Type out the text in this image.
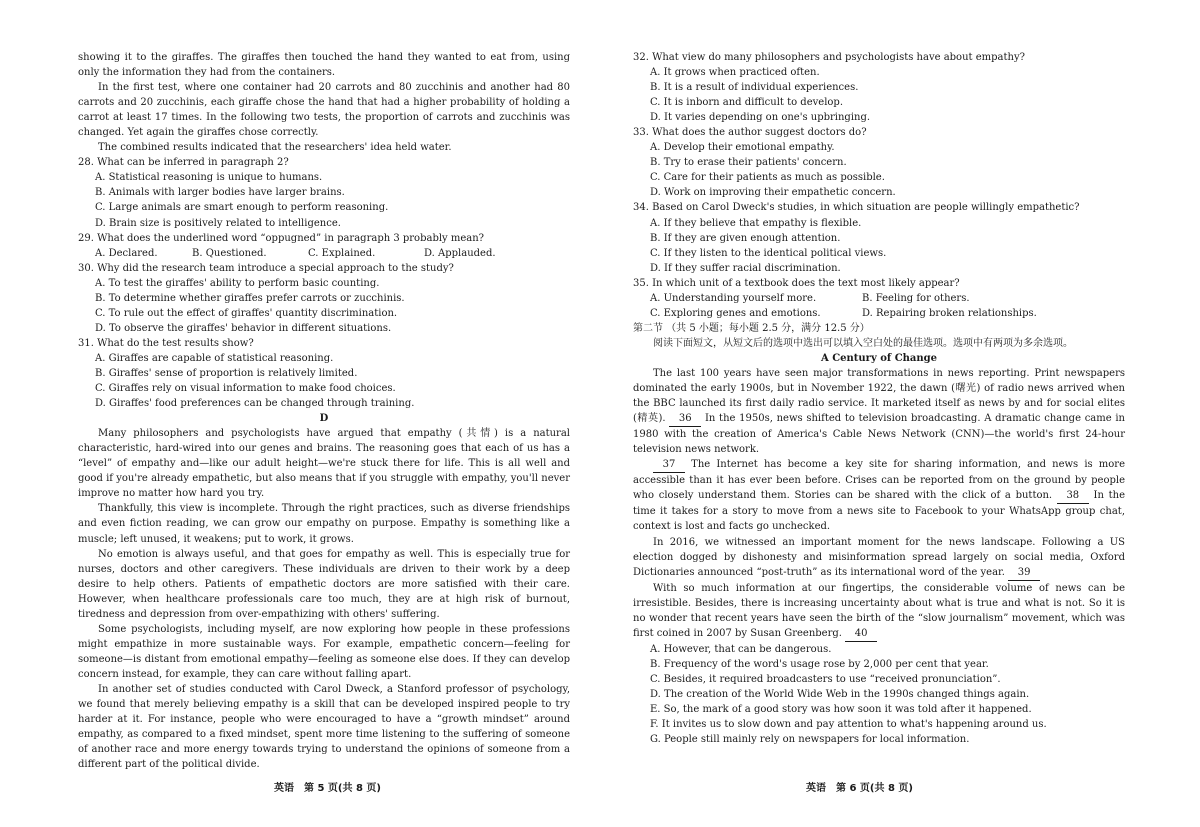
showing it to the giraffes. The giraffes then touched the hand they wanted to eat from, using only the information they had from the containers.

In the first test, where one container had 20 carrots and 80 zucchinis and another had 80 carrots and 20 zucchinis, each giraffe chose the hand that had a higher probability of holding a carrot at least 17 times. In the following two tests, the proportion of carrots and zucchinis was changed. Yet again the giraffes chose correctly.

The combined results indicated that the researchers' idea held water.

28. What can be inferred in paragraph 2?

A. Statistical reasoning is unique to humans.

B. Animals with larger bodies have larger brains.

C. Large animals are smart enough to perform reasoning.

D. Brain size is positively related to intelligence.

29. What does the underlined word “oppugned” in paragraph 3 probably mean?

A. Declared.	B. Questioned.	C. Explained.	D. Applauded.

30. Why did the research team introduce a special approach to the study?

A. To test the giraffes' ability to perform basic counting.

B. To determine whether giraffes prefer carrots or zucchinis.

C. To rule out the effect of giraffes' quantity discrimination.

D. To observe the giraffes' behavior in different situations.

31. What do the test results show?

A. Giraffes are capable of statistical reasoning.

B. Giraffes' sense of proportion is relatively limited.

C. Giraffes rely on visual information to make food choices.

D. Giraffes' food preferences can be changed through training.

D

Many philosophers and psychologists have argued that empathy (共情) is a natural characteristic, hard-wired into our genes and brains. The reasoning goes that each of us has a “level” of empathy and—like our adult height—we're stuck there for life. This is all well and good if you're already empathetic, but also means that if you struggle with empathy, you'll never improve no matter how hard you try.

Thankfully, this view is incomplete. Through the right practices, such as diverse friendships and even fiction reading, we can grow our empathy on purpose. Empathy is something like a muscle; left unused, it weakens; put to work, it grows.

No emotion is always useful, and that goes for empathy as well. This is especially true for nurses, doctors and other caregivers. These individuals are driven to their work by a deep desire to help others. Patients of empathetic doctors are more satisfied with their care. However, when healthcare professionals care too much, they are at high risk of burnout, tiredness and depression from over-empathizing with others' suffering.

Some psychologists, including myself, are now exploring how people in these professions might empathize in more sustainable ways. For example, empathetic concern—feeling for someone—is distant from emotional empathy—feeling as someone else does. If they can develop concern instead, for example, they can care without falling apart.

In another set of studies conducted with Carol Dweck, a Stanford professor of psychology, we found that merely believing empathy is a skill that can be developed inspired people to try harder at it. For instance, people who were encouraged to have a “growth mindset” around empathy, as compared to a fixed mindset, spent more time listening to the suffering of someone of another race and more energy towards trying to understand the opinions of someone from a different part of the political divide.

32. What view do many philosophers and psychologists have about empathy?

A. It grows when practiced often.

B. It is a result of individual experiences.

C. It is inborn and difficult to develop.

D. It varies depending on one's upbringing.

33. What does the author suggest doctors do?

A. Develop their emotional empathy.

B. Try to erase their patients' concern.

C. Care for their patients as much as possible.

D. Work on improving their empathetic concern.

34. Based on Carol Dweck's studies, in which situation are people willingly empathetic?

A. If they believe that empathy is flexible.

B. If they are given enough attention.

C. If they listen to the identical political views.

D. If they suffer racial discrimination.

35. In which unit of a textbook does the text most likely appear?

A. Understanding yourself more.	B. Feeling for others.
C. Exploring genes and emotions.	D. Repairing broken relationships.

第二节 （共 5 小题；每小题 2.5 分，满分 12.5 分）

阅读下面短文，从短文后的选项中选出可以填入空白处的最佳选项。选项中有两项为多余选项。

A Century of Change

The last 100 years have seen major transformations in news reporting. Print newspapers dominated the early 1900s, but in November 1922, the dawn (曙光) of radio news arrived when the BBC launched its first daily radio service. It marketed itself as news by and for social elites (精英). 36 In the 1950s, news shifted to television broadcasting. A dramatic change came in 1980 with the creation of America's Cable News Network (CNN)—the world's first 24-hour television news network.

37 The Internet has become a key site for sharing information, and news is more accessible than it has ever been before. Crises can be reported from on the ground by people who closely understand them. Stories can be shared with the click of a button. 38 In the time it takes for a story to move from a news site to Facebook to your WhatsApp group chat, context is lost and facts go unchecked.

In 2016, we witnessed an important moment for the news landscape. Following a US election dogged by dishonesty and misinformation spread largely on social media, Oxford Dictionaries announced “post-truth” as its international word of the year. 39

With so much information at our fingertips, the considerable volume of news can be irresistible. Besides, there is increasing uncertainty about what is true and what is not. So it is no wonder that recent years have seen the birth of the “slow journalism” movement, which was first coined in 2007 by Susan Greenberg. 40

A. However, that can be dangerous.

B. Frequency of the word's usage rose by 2,000 per cent that year.

C. Besides, it required broadcasters to use “received pronunciation”.

D. The creation of the World Wide Web in the 1990s changed things again.

E. So, the mark of a good story was how soon it was told after it happened.

F. It invites us to slow down and pay attention to what's happening around us.

G. People still mainly rely on newspapers for local information.

英语　第 5 页(共 8 页)	英语　第 6 页(共 8 页)
